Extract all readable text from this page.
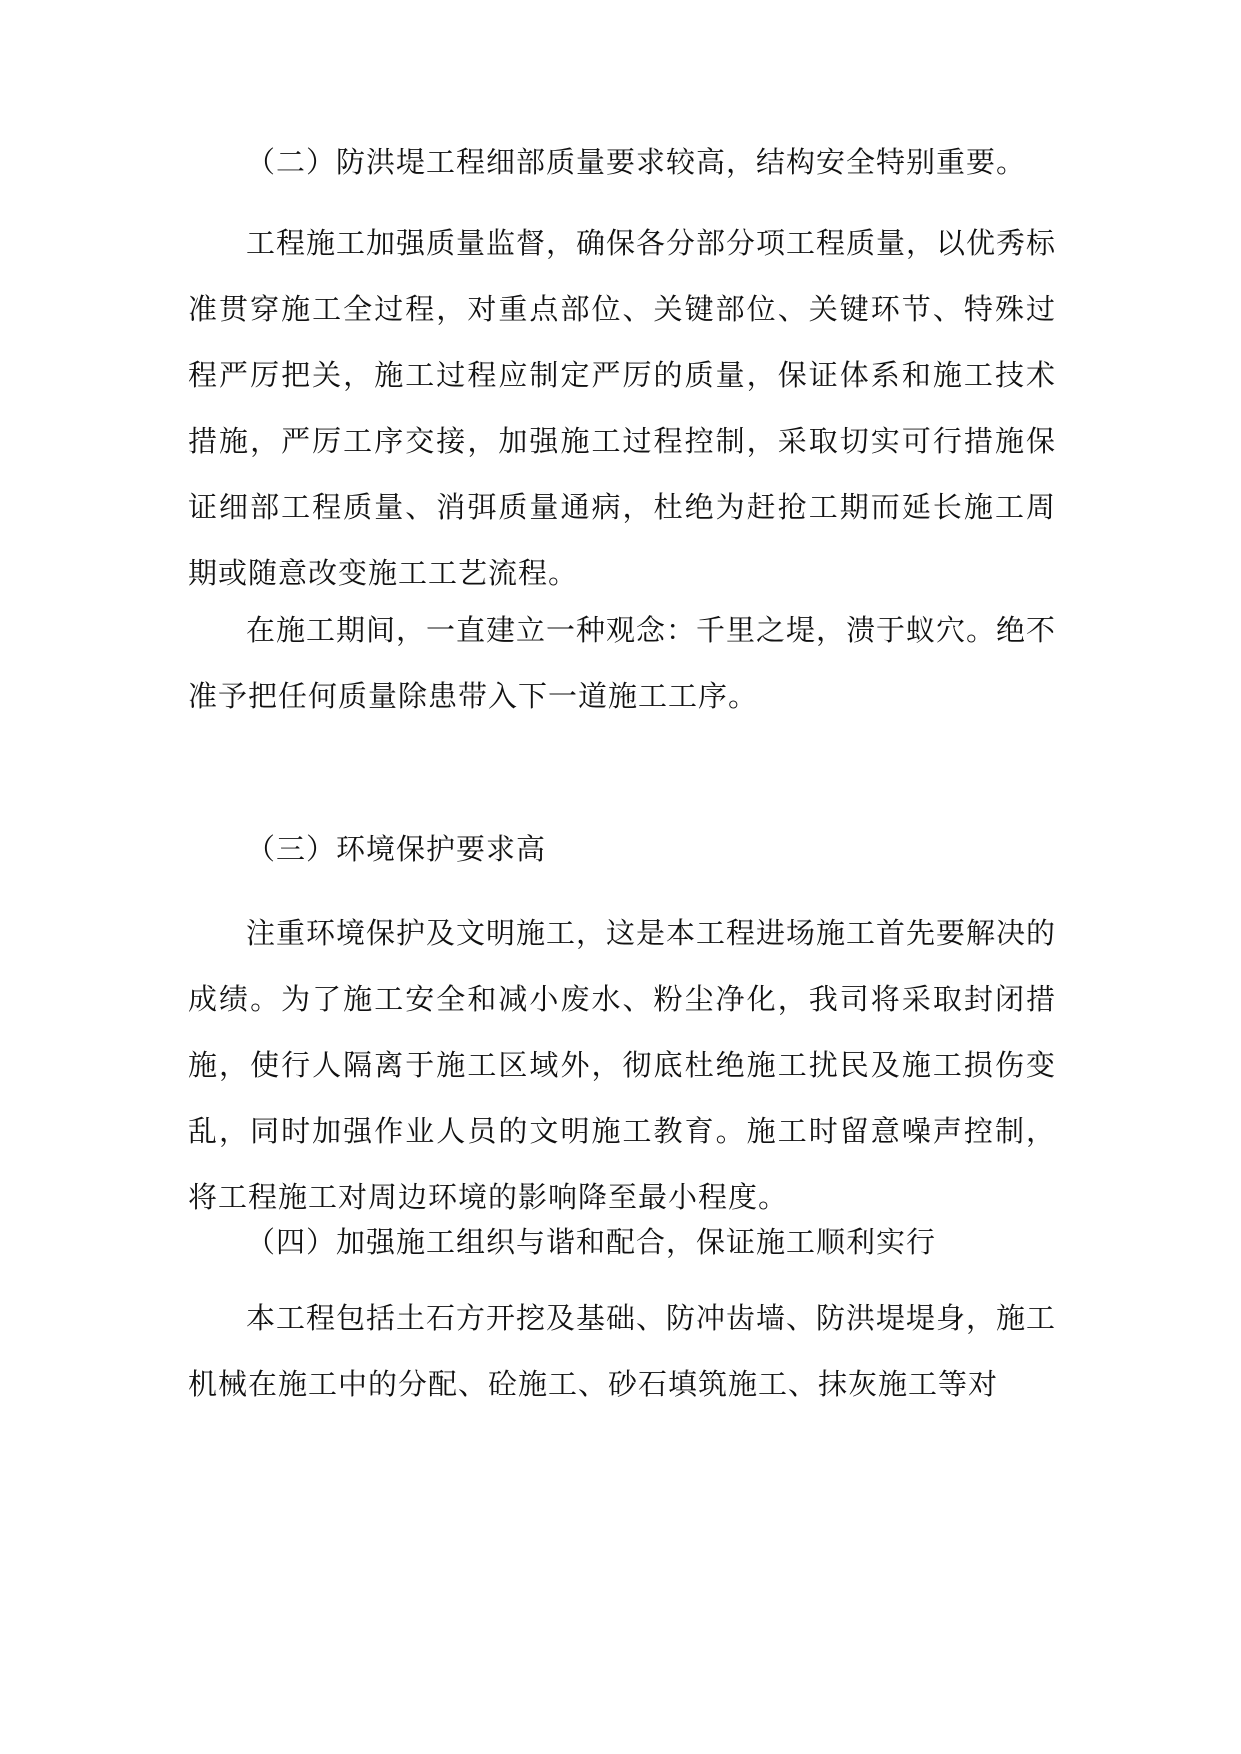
（二）防洪堤工程细部质量要求较高，结构安全特别重要。

工程施工加强质量监督，确保各分部分项工程质量，以优秀标准贯穿施工全过程，对重点部位、关键部位、关键环节、特殊过程严厉把关，施工过程应制定严厉的质量，保证体系和施工技术措施，严厉工序交接，加强施工过程控制，采取切实可行措施保证细部工程质量、消弭质量通病，杜绝为赶抢工期而延长施工周期或随意改变施工工艺流程。

在施工期间，一直建立一种观念：千里之堤，溃于蚁穴。绝不准予把任何质量除患带入下一道施工工序。

（三）环境保护要求高

注重环境保护及文明施工，这是本工程进场施工首先要解决的成绩。为了施工安全和减小废水、粉尘净化，我司将采取封闭措施，使行人隔离于施工区域外，彻底杜绝施工扰民及施工损伤变乱，同时加强作业人员的文明施工教育。施工时留意噪声控制，将工程施工对周边环境的影响降至最小程度。

（四）加强施工组织与谐和配合，保证施工顺利实行

本工程包括土石方开挖及基础、防冲齿墙、防洪堤堤身，施工机械在施工中的分配、砼施工、砂石填筑施工、抹灰施工等对
